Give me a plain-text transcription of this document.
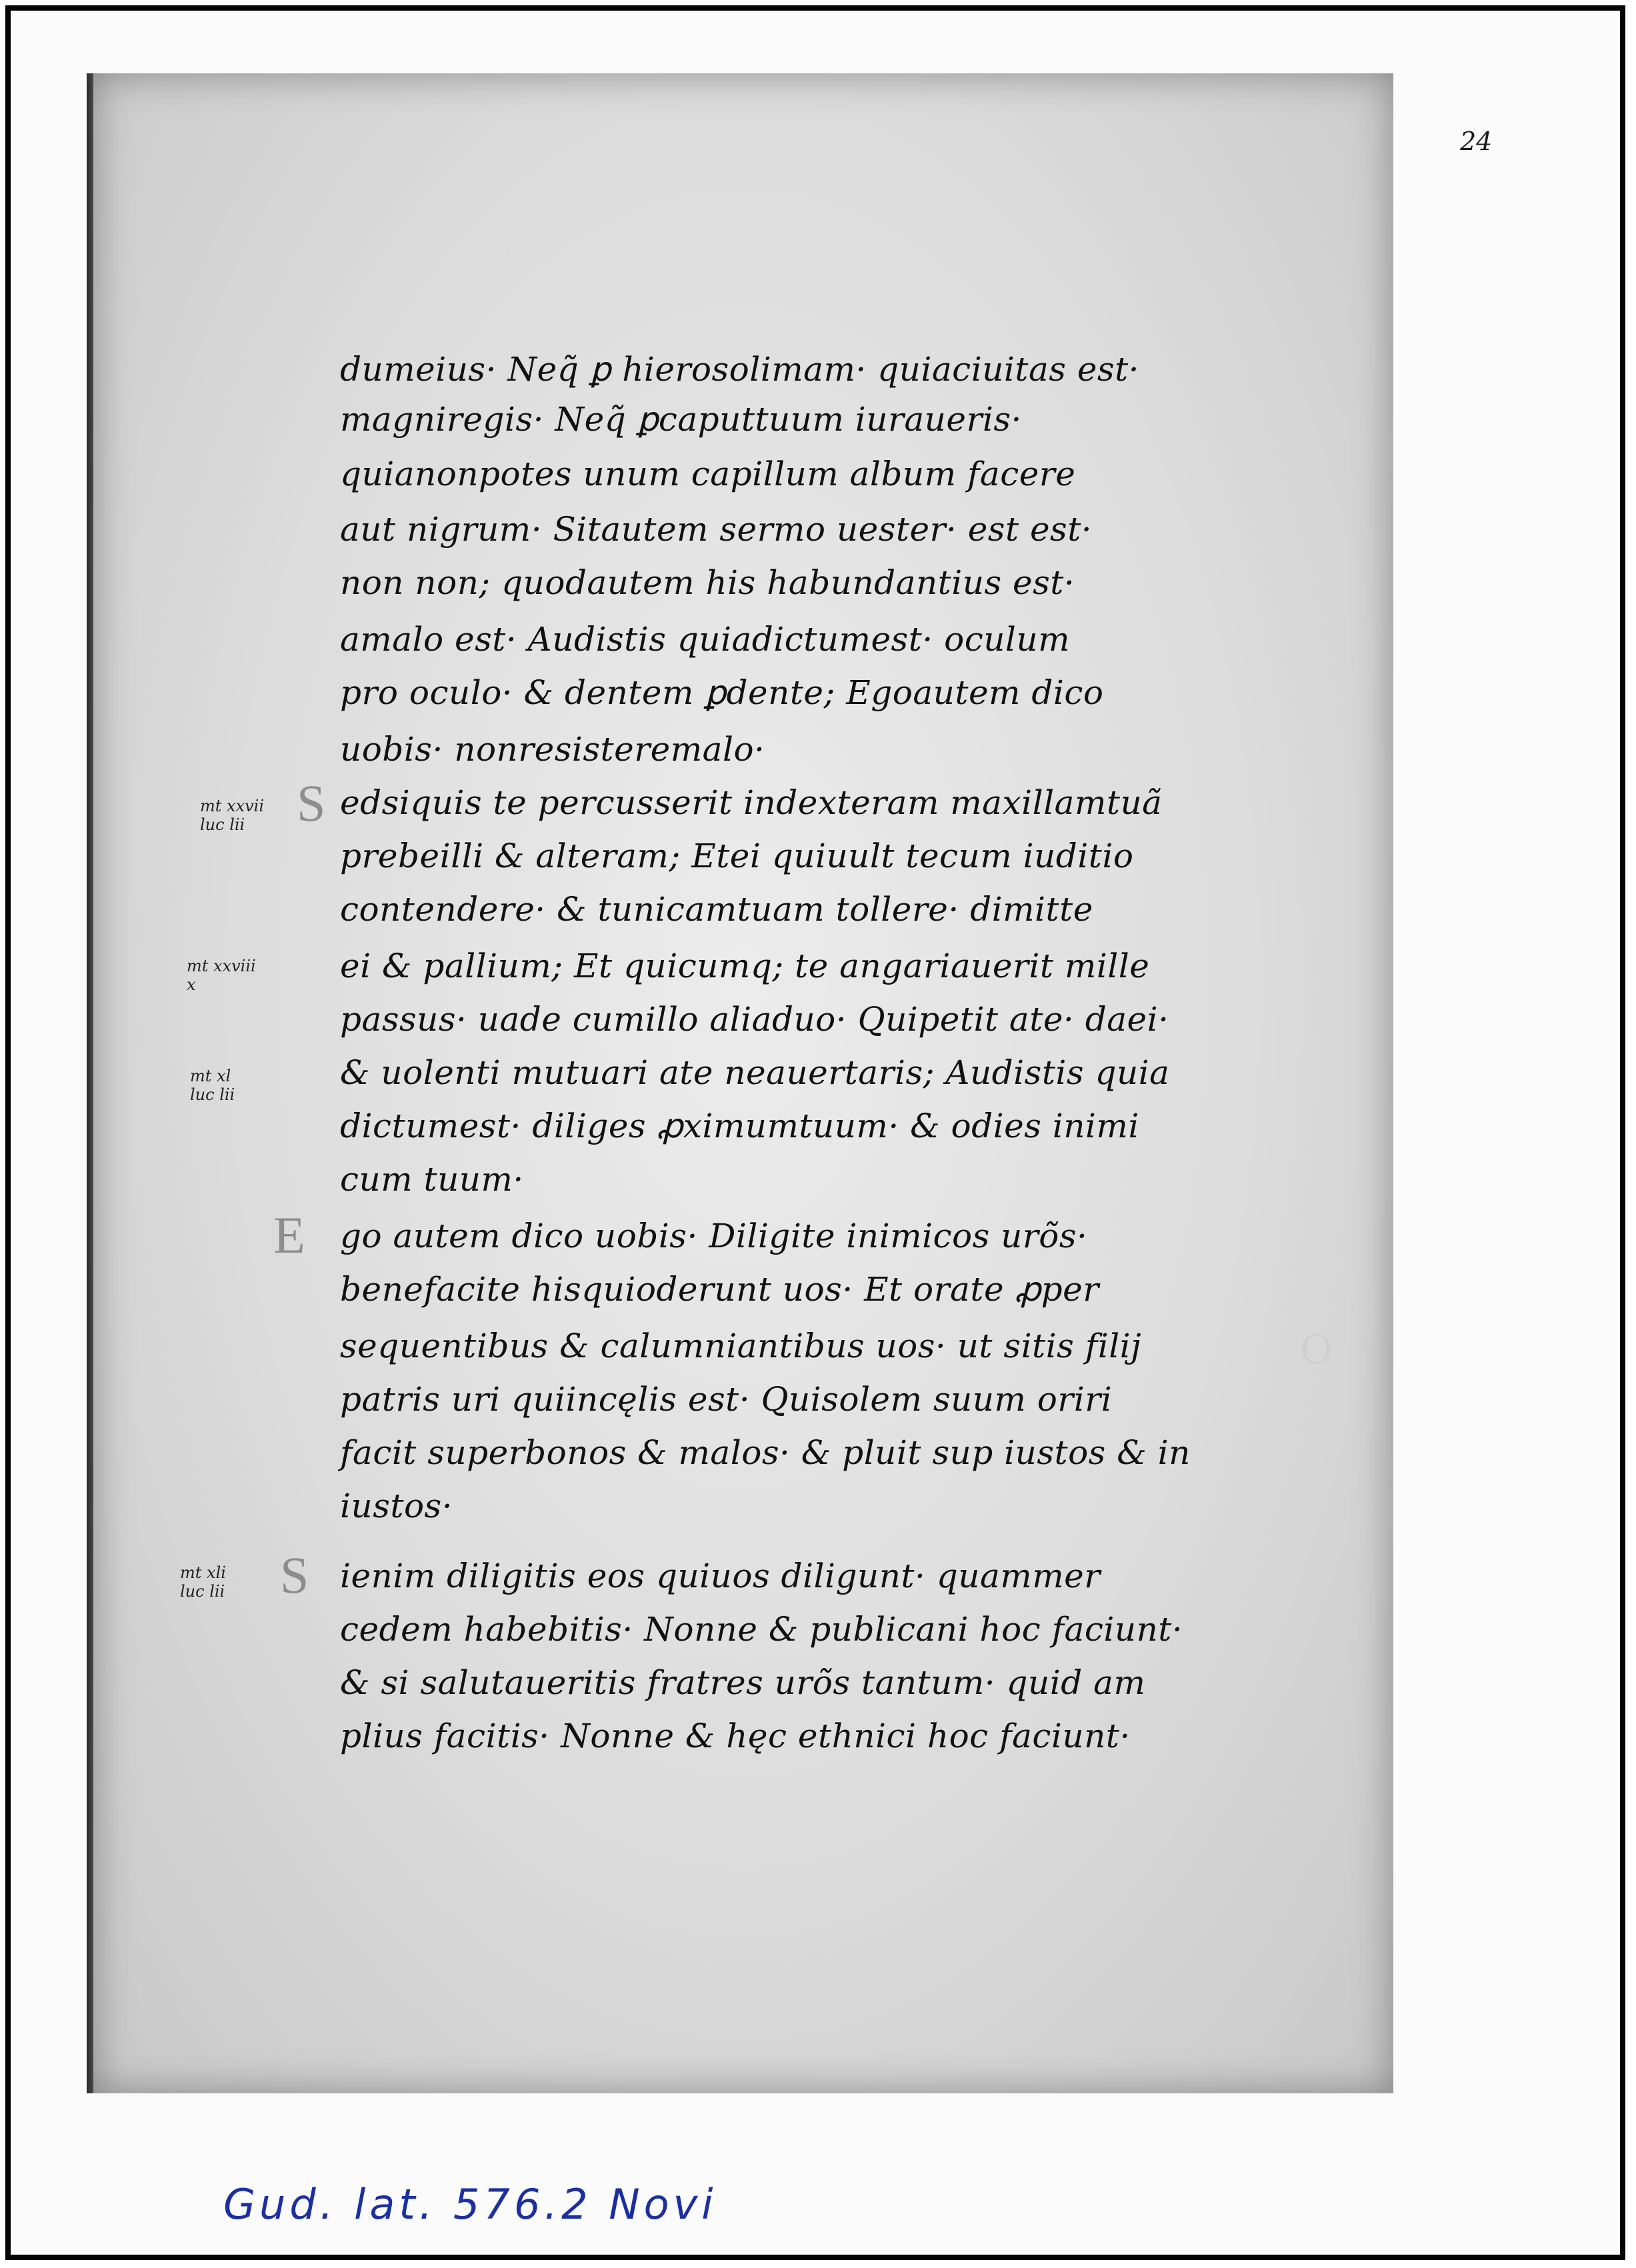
24
O
dumeius· Neq̃ ꝑ hierosolimam· quiaciuitas est·
magniregis· Neq̃ ꝑcaputtuum iuraueris·
quianonpotes unum capillum album facere
aut nigrum· Sitautem sermo uester· est est·
non non; quodautem his habundantius est·
amalo est· Audistis quiadictumest· oculum
pro oculo· & dentem ꝑdente; Egoautem dico
uobis· nonresisteremalo·
edsiquis te percusserit indexteram maxillamtuã
prebeilli & alteram; Etei quiuult tecum iuditio
contendere· & tunicamtuam tollere· dimitte
ei & pallium; Et quicumq; te angariauerit mille
passus· uade cumillo aliaduo· Quipetit ate· daei·
& uolenti mutuari ate neauertaris; Audistis quia
dictumest· diliges ꝓximumtuum· & odies inimi
cum tuum·
go autem dico uobis· Diligite inimicos urõs·
benefacite hisquioderunt uos· Et orate ꝓper
sequentibus & calumniantibus uos· ut sitis filij
patris uri quiincęlis est· Quisolem suum oriri
facit superbonos & malos· & pluit sup iustos & in
iustos·
ienim diligitis eos quiuos diligunt· quammer
cedem habebitis· Nonne & publicani hoc faciunt·
& si salutaueritis fratres urõs tantum· quid am
plius facitis· Nonne & hęc ethnici hoc faciunt·
S
E
S
mt xxvii
luc lii
mt xxviii
x
mt xl
luc lii
mt xli
luc lii
Gud. lat. 576.2 Novi
